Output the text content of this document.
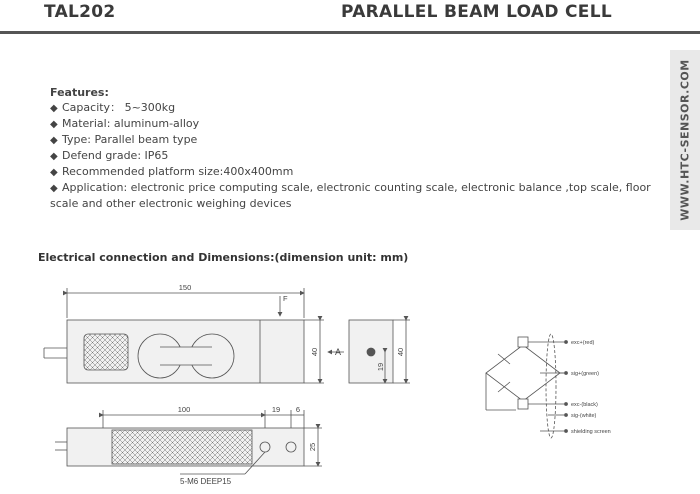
TAL202	PARALLEL BEAM LOAD CELL
WWW.HTC-SENSOR.COM
Features:
◆ Capacity： 5~300kg
◆ Material: aluminum-alloy
◆ Type: Parallel beam type
◆ Defend grade: IP65
◆ Recommended platform size:400x400mm
◆ Application: electronic price computing scale, electronic counting scale, electronic balance ,top scale, floor scale and other electronic weighing devices
Electrical connection and Dimensions:(dimension unit: mm)
150
F
40 A	40
19
100	19 6
25
5-M6 DEEP15
exc+(red)
sig+(green)
exc-(black)
sig-(white)
shielding screen
